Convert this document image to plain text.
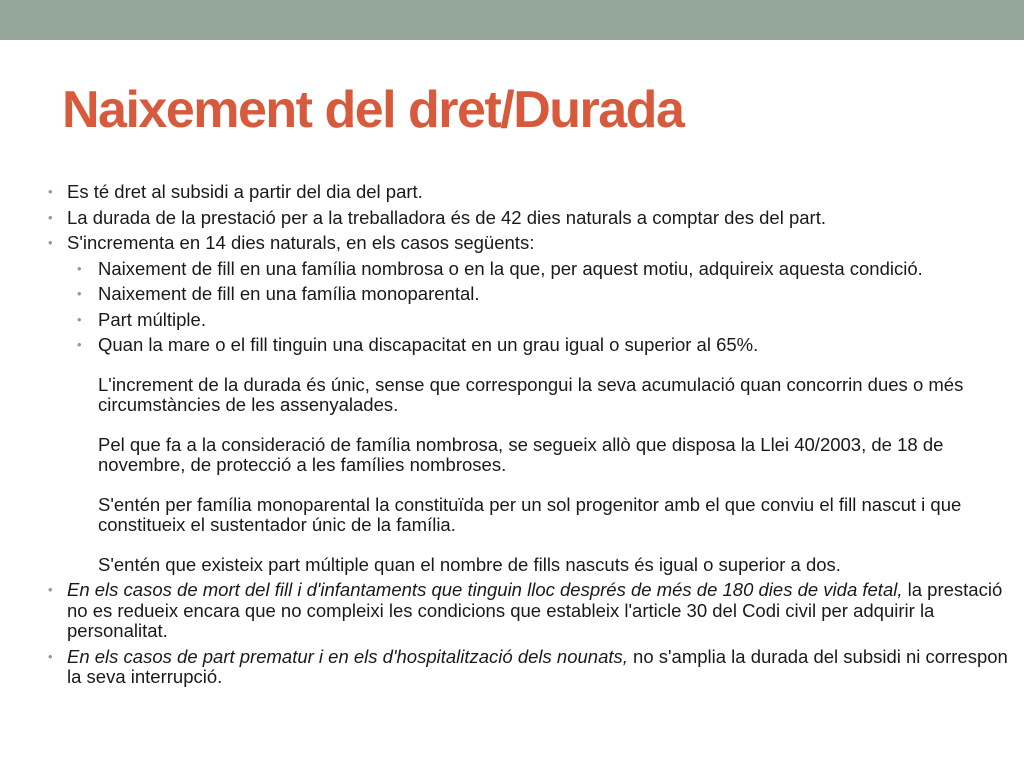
Naixement del dret/Durada
• Es té dret al subsidi a partir del dia del part.
• La durada de la prestació per a la treballadora és de 42 dies naturals a comptar des del part.
• S'incrementa en 14 dies naturals, en els casos següents:
• Naixement de fill en una família nombrosa o en la que, per aquest motiu, adquireix aquesta condició.
• Naixement de fill en una família monoparental.
• Part múltiple.
• Quan la mare o el fill tinguin una discapacitat en un grau igual o superior al 65%.
L'increment de la durada és únic, sense que correspongui la seva acumulació quan concorrin dues o més circumstàncies de les assenyalades.
Pel que fa a la consideració de família nombrosa, se segueix allò que disposa la Llei 40/2003, de 18 de novembre, de protecció a les famílies nombroses.
S'entén per família monoparental la constituïda per un sol progenitor amb el que conviu el fill nascut i que constitueix el sustentador únic de la família.
S'entén que existeix part múltiple quan el nombre de fills nascuts és igual o superior a dos.
• En els casos de mort del fill i d'infantaments que tinguin lloc després de més de 180 dies de vida fetal, la prestació no es redueix encara que no compleixi les condicions que estableix l'article 30 del Codi civil per adquirir la personalitat.
• En els casos de part prematur i en els d'hospitalització dels nounats, no s'amplia la durada del subsidi ni correspon la seva interrupció.
